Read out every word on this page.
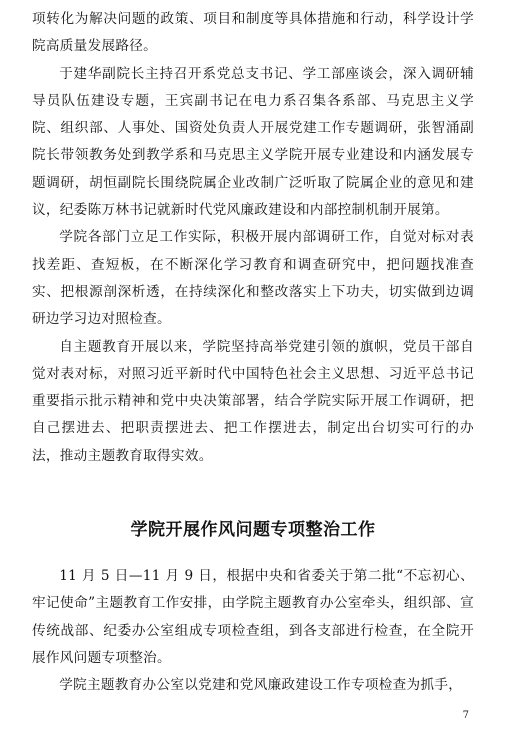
项转化为解决问题的政策、项目和制度等具体措施和行动，科学设计学院高质量发展路径。

于建华副院长主持召开系党总支书记、学工部座谈会，深入调研辅导员队伍建设专题，王宾副书记在电力系召集各系部、马克思主义学院、组织部、人事处、国资处负责人开展党建工作专题调研，张智涌副院长带领教务处到教学系和马克思主义学院开展专业建设和内涵发展专题调研，胡恒副院长围绕院属企业改制广泛听取了院属企业的意见和建议，纪委陈万林书记就新时代党风廉政建设和内部控制机制开展第。

学院各部门立足工作实际，积极开展内部调研工作，自觉对标对表找差距、查短板，在不断深化学习教育和调查研究中，把问题找准查实、把根源剖深析透，在持续深化和整改落实上下功夫，切实做到边调研边学习边对照检查。

自主题教育开展以来，学院坚持高举党建引领的旗帜，党员干部自觉对表对标，对照习近平新时代中国特色社会主义思想、习近平总书记重要指示批示精神和党中央决策部署，结合学院实际开展工作调研，把自己摆进去、把职责摆进去、把工作摆进去，制定出台切实可行的办法，推动主题教育取得实效。

学院开展作风问题专项整治工作

11 月 5 日—11 月 9 日，根据中央和省委关于第二批“不忘初心、牢记使命”主题教育工作安排，由学院主题教育办公室牵头，组织部、宣传统战部、纪委办公室组成专项检查组，到各支部进行检查，在全院开展作风问题专项整治。

学院主题教育办公室以党建和党风廉政建设工作专项检查为抓手，

7
